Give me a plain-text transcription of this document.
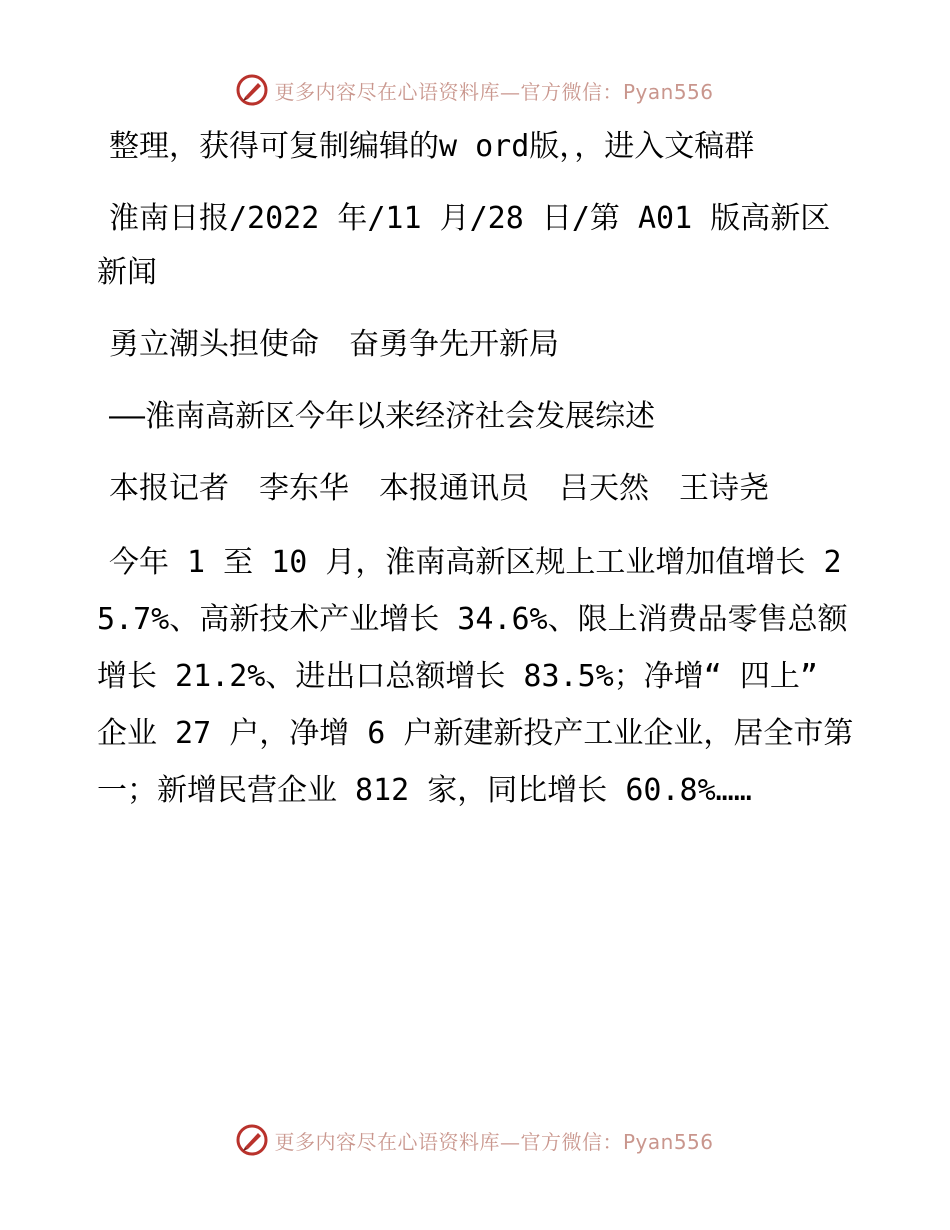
更多内容尽在心语资料库—官方微信：Pyan556

整理，获得可复制编辑的w ord版，，进入文稿群

淮南日报/2022 年/11 月/28 日/第 A01 版高新区新闻

勇立潮头担使命　奋勇争先开新局

——淮南高新区今年以来经济社会发展综述

本报记者　李东华　本报通讯员　吕天然　王诗尧

今年 1 至 10 月，淮南高新区规上工业增加值增长 25.7%、高新技术产业增长 34.6%、限上消费品零售总额增长 21.2%、进出口总额增长 83.5%；净增“ 四上” 企业 27 户，净增 6 户新建新投产工业企业，居全市第一；新增民营企业 812 家，同比增长 60.8%……

更多内容尽在心语资料库—官方微信：Pyan556
